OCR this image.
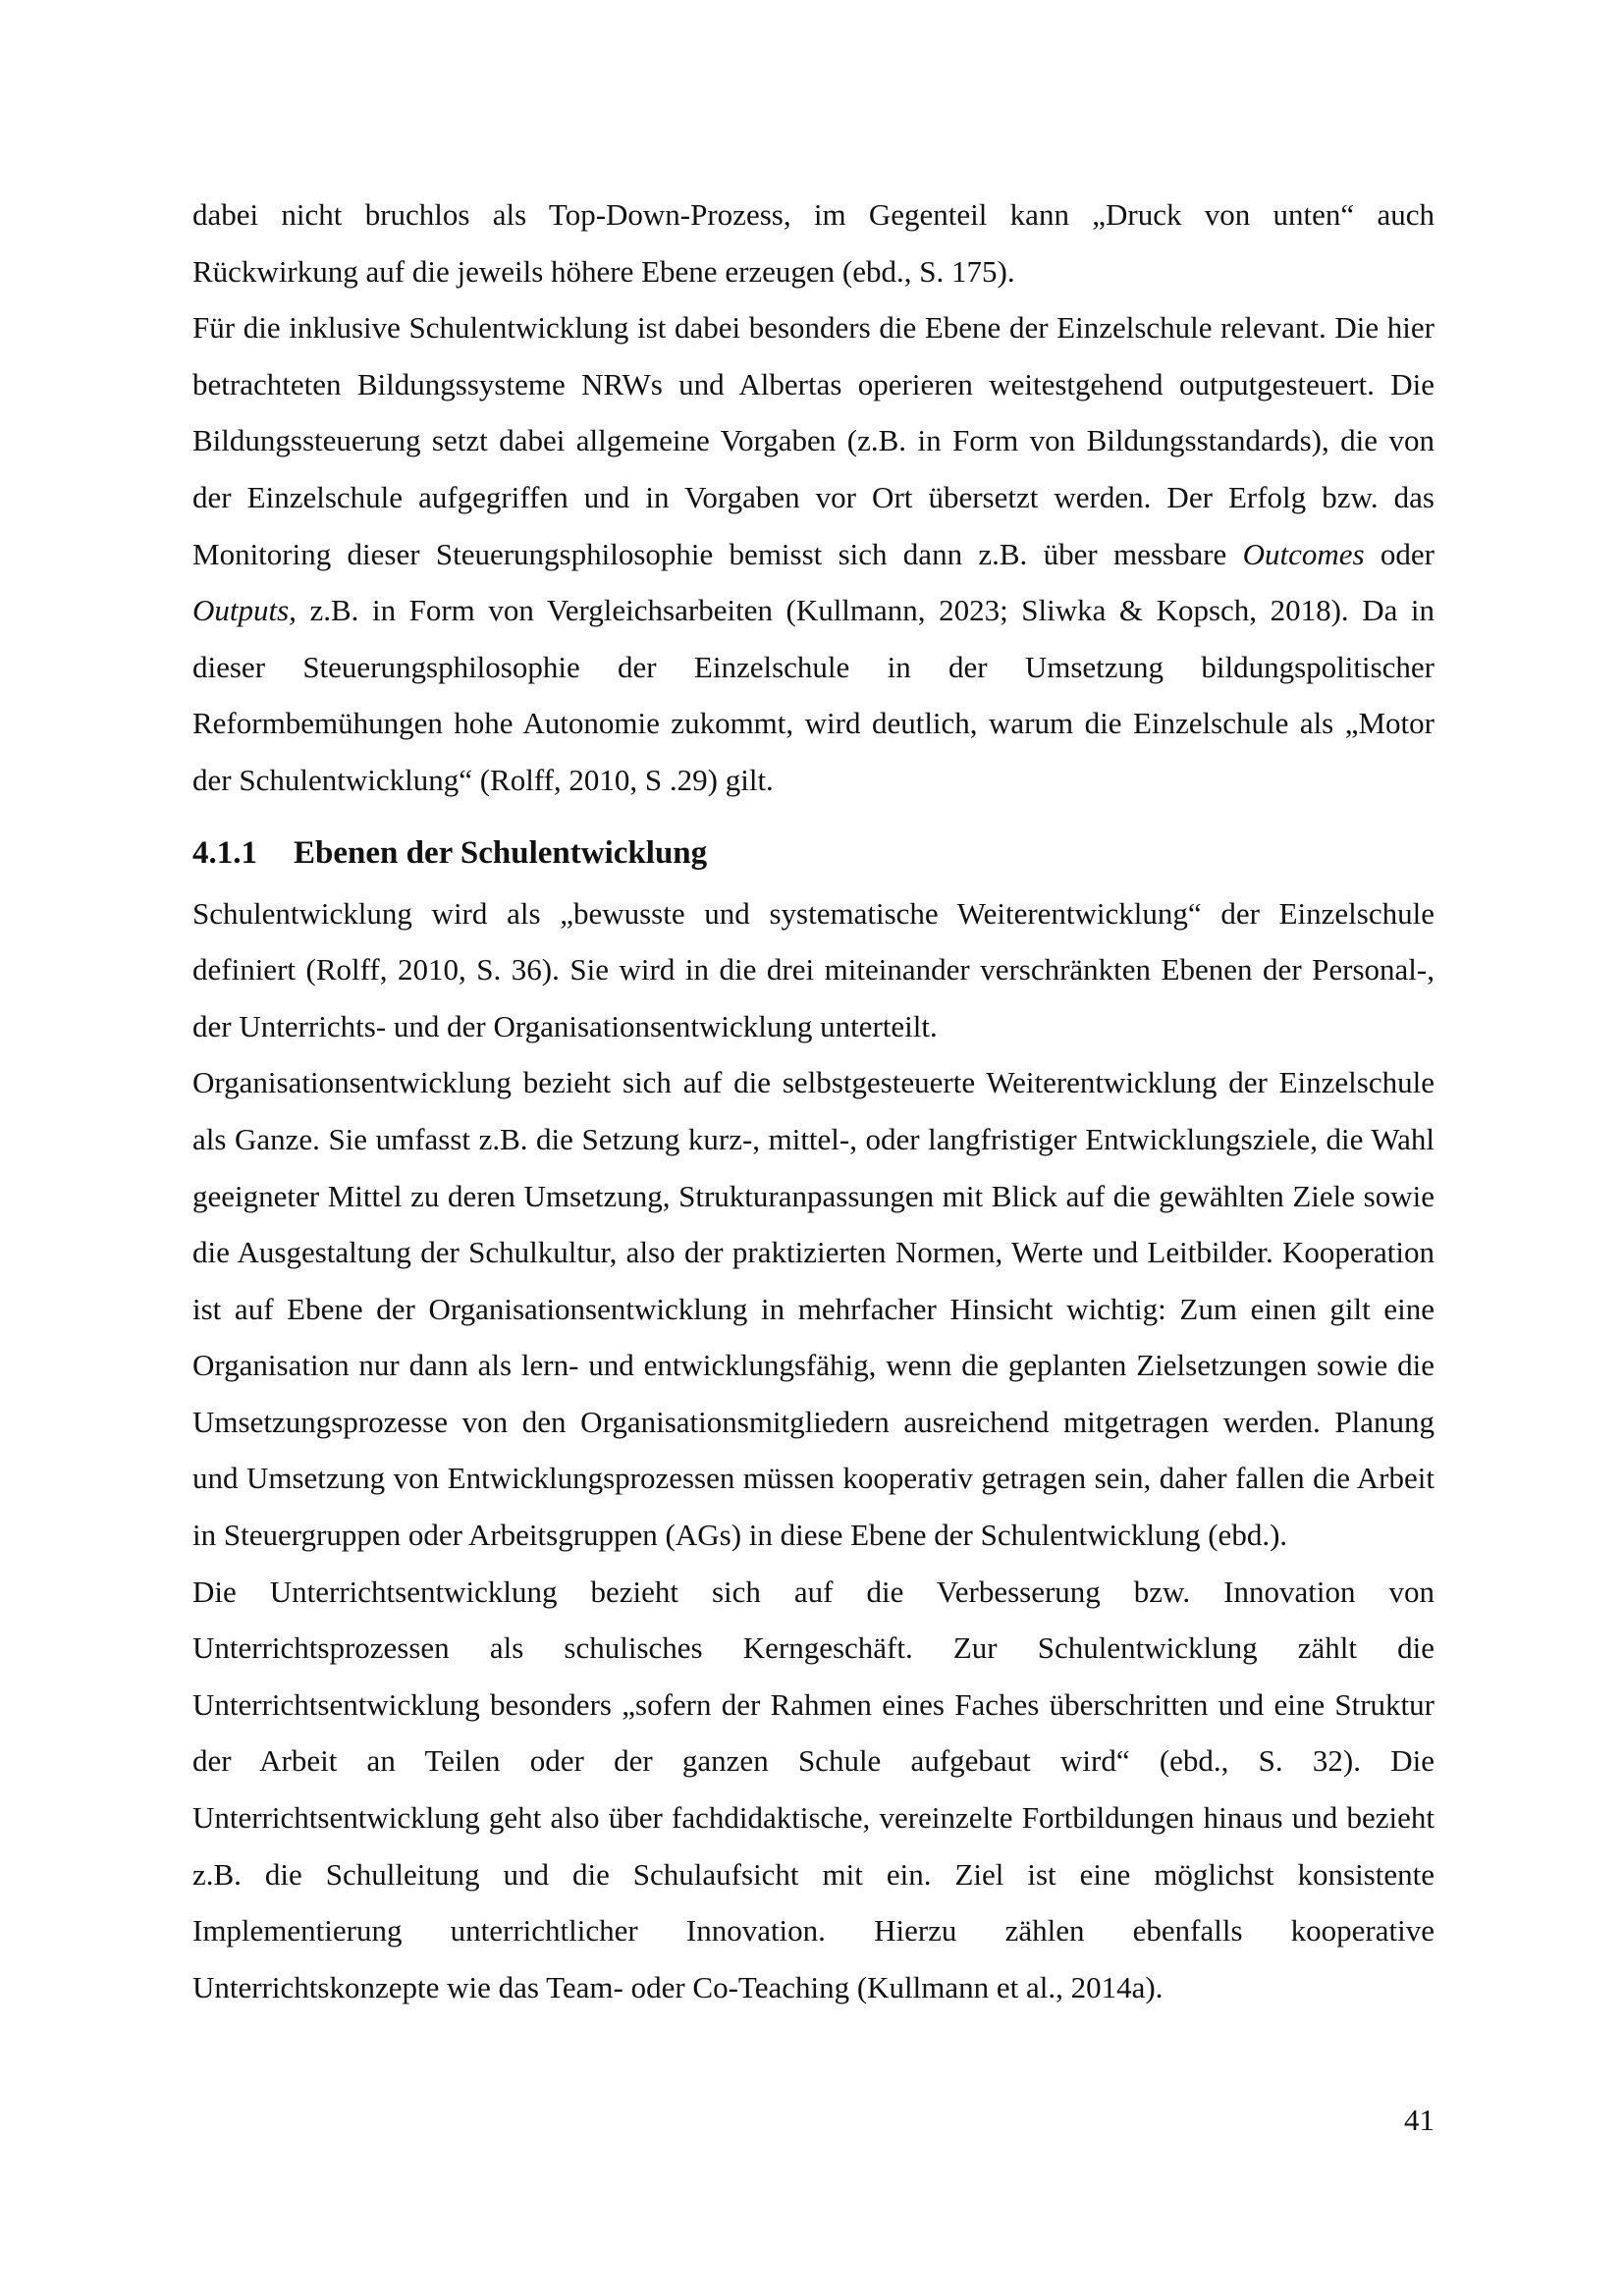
dabei nicht bruchlos als Top-Down-Prozess, im Gegenteil kann „Druck von unten“ auch Rückwirkung auf die jeweils höhere Ebene erzeugen (ebd., S. 175).

Für die inklusive Schulentwicklung ist dabei besonders die Ebene der Einzelschule relevant. Die hier betrachteten Bildungssysteme NRWs und Albertas operieren weitestgehend outputgesteuert. Die Bildungssteuerung setzt dabei allgemeine Vorgaben (z.B. in Form von Bildungsstandards), die von der Einzelschule aufgegriffen und in Vorgaben vor Ort übersetzt werden. Der Erfolg bzw. das Monitoring dieser Steuerungsphilosophie bemisst sich dann z.B. über messbare Outcomes oder Outputs, z.B. in Form von Vergleichsarbeiten (Kullmann, 2023; Sliwka & Kopsch, 2018). Da in dieser Steuerungsphilosophie der Einzelschule in der Umsetzung bildungspolitischer Reformbemühungen hohe Autonomie zukommt, wird deutlich, warum die Einzelschule als „Motor der Schulentwicklung“ (Rolff, 2010, S .29) gilt.

4.1.1 Ebenen der Schulentwicklung

Schulentwicklung wird als „bewusste und systematische Weiterentwicklung“ der Einzelschule definiert (Rolff, 2010, S. 36). Sie wird in die drei miteinander verschränkten Ebenen der Personal-, der Unterrichts- und der Organisationsentwicklung unterteilt.

Organisationsentwicklung bezieht sich auf die selbstgesteuerte Weiterentwicklung der Einzelschule als Ganze. Sie umfasst z.B. die Setzung kurz-, mittel-, oder langfristiger Entwicklungsziele, die Wahl geeigneter Mittel zu deren Umsetzung, Strukturanpassungen mit Blick auf die gewählten Ziele sowie die Ausgestaltung der Schulkultur, also der praktizierten Normen, Werte und Leitbilder. Kooperation ist auf Ebene der Organisationsentwicklung in mehrfacher Hinsicht wichtig: Zum einen gilt eine Organisation nur dann als lern- und entwicklungsfähig, wenn die geplanten Zielsetzungen sowie die Umsetzungsprozesse von den Organisationsmitgliedern ausreichend mitgetragen werden. Planung und Umsetzung von Entwicklungsprozessen müssen kooperativ getragen sein, daher fallen die Arbeit in Steuergruppen oder Arbeitsgruppen (AGs) in diese Ebene der Schulentwicklung (ebd.).

Die Unterrichtsentwicklung bezieht sich auf die Verbesserung bzw. Innovation von Unterrichtsprozessen als schulisches Kerngeschäft. Zur Schulentwicklung zählt die Unterrichtsentwicklung besonders „sofern der Rahmen eines Faches überschritten und eine Struktur der Arbeit an Teilen oder der ganzen Schule aufgebaut wird“ (ebd., S. 32). Die Unterrichtsentwicklung geht also über fachdidaktische, vereinzelte Fortbildungen hinaus und bezieht z.B. die Schulleitung und die Schulaufsicht mit ein. Ziel ist eine möglichst konsistente Implementierung unterrichtlicher Innovation. Hierzu zählen ebenfalls kooperative Unterrichtskonzepte wie das Team- oder Co-Teaching (Kullmann et al., 2014a).

41
